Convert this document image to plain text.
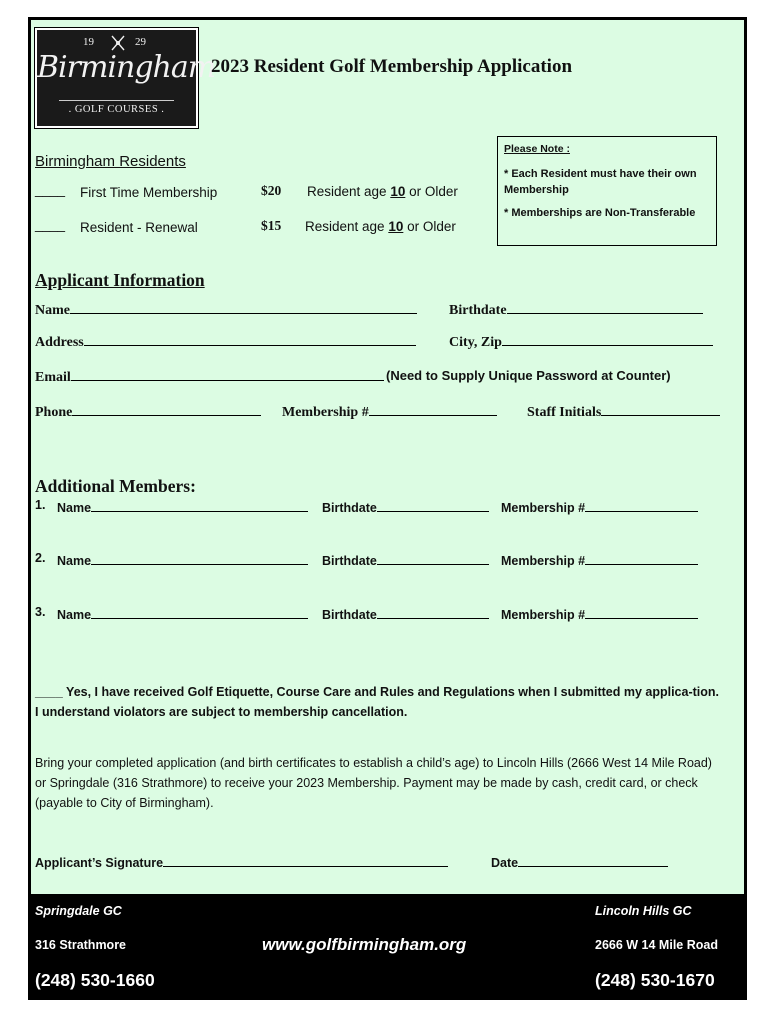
19	29
Birmingham
. GOLF COURSES .
2023 Resident Golf Membership Application
Please Note :
* Each Resident must have their own Membership
* Memberships are Non-Transferable
Birmingham Residents
____ First Time Membership	$20 Resident age 10 or Older
____ Resident - Renewal	$15 Resident age 10 or Older
Applicant Information
Name	Birthdate
Address	City, Zip
Email	(Need to Supply Unique Password at Counter)
Phone	Membership #	Staff Initials
Additional Members:
1. Name	Birthdate	Membership #
2. Name	Birthdate	Membership #
3. Name	Birthdate	Membership #
____ Yes, I have received Golf Etiquette, Course Care and Rules and Regulations when I submitted my applica-tion. I understand violators are subject to membership cancellation.
Bring your completed application (and birth certificates to establish a child’s age) to Lincoln Hills (2666 West 14 Mile Road) or Springdale (316 Strathmore) to receive your 2023 Membership. Payment may be made by cash, credit card, or check (payable to City of Birmingham).
Applicant’s Signature	Date
Springdale GC
316 Strathmore
(248) 530-1660
www.golfbirmingham.org
Lincoln Hills GC
2666 W 14 Mile Road
(248) 530-1670
